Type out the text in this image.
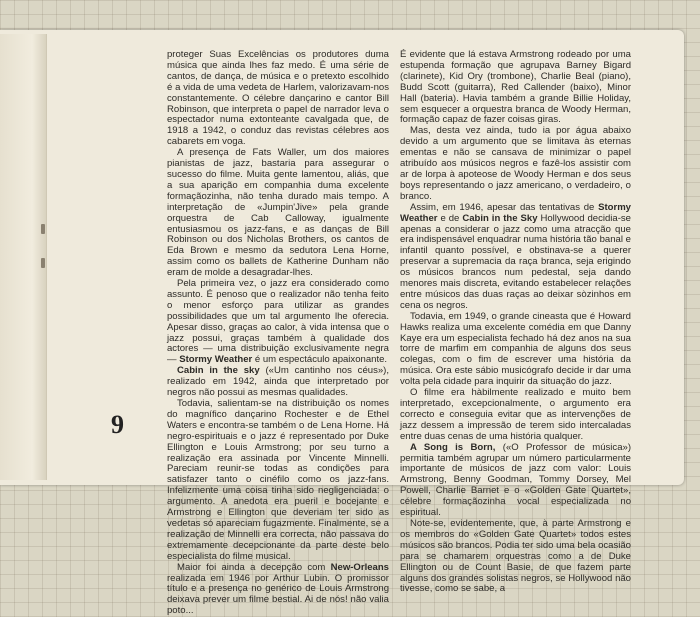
proteger Suas Excelências os produtores duma música que ainda lhes faz medo. É uma série de cantos, de dança, de música e o pretexto escolhido é a vida de uma vedeta de Harlem, valorizavam-nos constantemente. O célebre dançarino e cantor Bill Robinson, que interpreta o papel de narrador leva o espectador numa extonteante cavalgada que, de 1918 a 1942, o conduz das revistas célebres aos cabarets em voga.

A presença de Fats Waller, um dos maiores pianistas de jazz, bastaria para assegurar o sucesso do filme. Muita gente lamentou, aliás, que a sua aparição em companhia duma excelente formaçãozinha, não tenha durado mais tempo. A interpretação de «Jumpin'Jive» pela grande orquestra de Cab Calloway, igualmente entusiasmou os jazz-fans, e as danças de Bill Robinson ou dos Nicholas Brothers, os cantos de Eda Brown e mesmo da sedutora Lena Horne, assim como os ballets de Katherine Dunham não eram de molde a desagradar-lhes.

Pela primeira vez, o jazz era considerado como assunto. É penoso que o realizador não tenha feito o menor esforço para utilizar as grandes possibilidades que um tal argumento lhe oferecia. Apesar disso, graças ao calor, à vida intensa que o jazz possui, graças também à qualidade dos actores — uma distribuição exclusivamente negra — Stormy Weather é um espectáculo apaixonante.

Cabin in the sky («Um cantinho nos céus»), realizado em 1942, ainda que interpretado por negros não possui as mesmas qualidades.

Todavia, salientam-se na distribuição os nomes do magnífico dançarino Rochester e de Ethel Waters e encontra-se também o de Lena Horne. Há negro-espirituais e o jazz é representado por Duke Ellington e Louis Armstrong; por seu turno a realização era assinada por Vincente Minnelli. Pareciam reunir-se todas as condições para satisfazer tanto o cinéfilo como os jazz-fans. Infelizmente uma coisa tinha sido negligenciada: o argumento. A anedota era pueril e bocejante e Armstrong e Ellington que deveriam ter sido as vedetas só apareciam fugazmente. Finalmente, se a realização de Minnelli era correcta, não passava do extremamente decepcionante da parte deste belo especialista do filme musical.

Maior foi ainda a decepção com New-Orleans realizada em 1946 por Arthur Lubin. O promissor título e a presença no genérico de Louis Armstrong deixava prever um filme bestial. Ai de nós! não valia poto...

É evidente que lá estava Armstrong rodeado por uma estupenda formação que agrupava Barney Bigard (clarinete), Kid Ory (trombone), Charlie Beal (piano), Budd Scott (guitarra), Red Callender (baixo), Minor Hall (bateria). Havia também a grande Billie Holiday, sem esquecer a orquestra branca de Woody Herman, formação capaz de fazer coisas giras.

Mas, desta vez ainda, tudo ia por água abaixo devido a um argumento que se limitava às eternas ementas e não se cansava de minimizar o papel atribuído aos músicos negros e fazê-los assistir com ar de lorpa à apoteose de Woody Herman e dos seus boys representando o jazz americano, o verdadeiro, o branco.

Assim, em 1946, apesar das tentativas de Stormy Weather e de Cabin in the Sky Hollywood decidia-se apenas a considerar o jazz como uma atracção que era indispensável enquadrar numa história tão banal e infantil quanto possível, e obstinava-se a querer preservar a supremacia da raça branca, seja erigindo os músicos brancos num pedestal, seja dando menores mais discreta, evitando estabelecer relações entre músicos das duas raças ao deixar sòzinhos em cena os negros.

Todavia, em 1949, o grande cineasta que é Howard Hawks realiza uma excelente comédia em que Danny Kaye era um especialista fechado há dez anos na sua torre de marfim em companhia de alguns dos seus colegas, com o fim de escrever uma história da música. Ora este sábio musicógrafo decide ir dar uma volta pela cidade para inquirir da situação do jazz.

O filme era hàbilmente realizado e muito bem interpretado, excepcionalmente, o argumento era correcto e conseguia evitar que as intervenções de jazz dessem a impressão de terem sido intercaladas entre duas cenas de uma história qualquer.

A Song is Born, («O Professor de música») permitia também agrupar um número particularmente importante de músicos de jazz com valor: Louis Armstrong, Benny Goodman, Tommy Dorsey, Mel Powell, Charlie Barnet e o «Golden Gate Quartet», célebre formaçãozinha vocal especializada no espiritual.

Note-se, evidentemente, que, à parte Armstrong e os membros do «Golden Gate Quartet» todos estes músicos são brancos. Podia ter sido uma bela ocasião para se chamarem orquestras como a de Duke Ellington ou de Count Basie, de que fazem parte alguns dos grandes solistas negros, se Hollywood não tivesse, como se sabe, a

9
